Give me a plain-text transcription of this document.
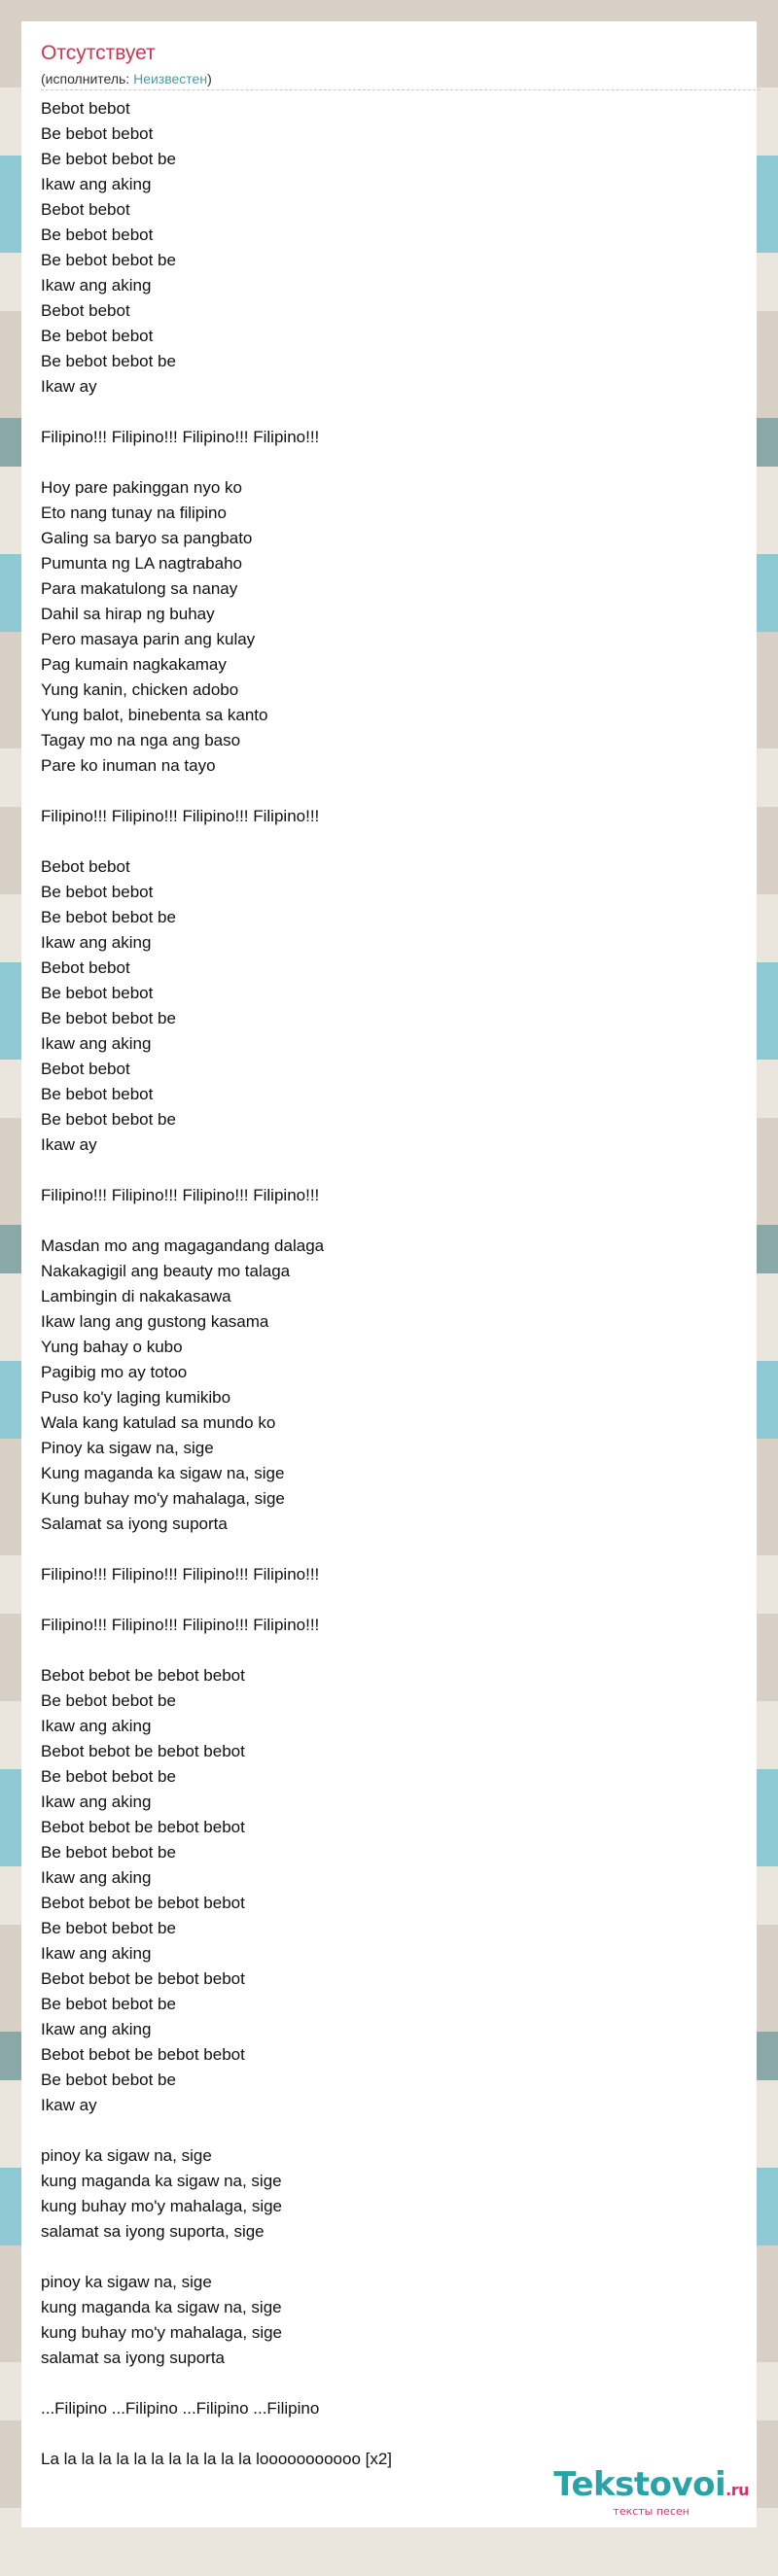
Отсутствует
(исполнитель: Неизвестен)
Bebot bebot
Be bebot bebot
Be bebot bebot be
Ikaw ang aking
Bebot bebot
Be bebot bebot
Be bebot bebot be
Ikaw ang aking
Bebot bebot
Be bebot bebot
Be bebot bebot be
Ikaw ay
Filipino!!! Filipino!!! Filipino!!! Filipino!!!
Hoy pare pakinggan nyo ko
Eto nang tunay na filipino
Galing sa baryo sa pangbato
Pumunta ng LA nagtrabaho
Para makatulong sa nanay
Dahil sa hirap ng buhay
Pero masaya parin ang kulay
Pag kumain nagkakamay
Yung kanin, chicken adobo
Yung balot, binebenta sa kanto
Tagay mo na nga ang baso
Pare ko inuman na tayo
Filipino!!! Filipino!!! Filipino!!! Filipino!!!
Bebot bebot
Be bebot bebot
Be bebot bebot be
Ikaw ang aking
Bebot bebot
Be bebot bebot
Be bebot bebot be
Ikaw ang aking
Bebot bebot
Be bebot bebot
Be bebot bebot be
Ikaw ay
Filipino!!! Filipino!!! Filipino!!! Filipino!!!
Masdan mo ang magagandang dalaga
Nakakagigil ang beauty mo talaga
Lambingin di nakakasawa
Ikaw lang ang gustong kasama
Yung bahay o kubo
Pagibig mo ay totoo
Puso ko'y laging kumikibo
Wala kang katulad sa mundo ko
Pinoy ka sigaw na, sige
Kung maganda ka sigaw na, sige
Kung buhay mo'y mahalaga, sige
Salamat sa iyong suporta
Filipino!!! Filipino!!! Filipino!!! Filipino!!!
Filipino!!! Filipino!!! Filipino!!! Filipino!!!
Bebot bebot be bebot bebot
Be bebot bebot be
Ikaw ang aking
Bebot bebot be bebot bebot
Be bebot bebot be
Ikaw ang aking
Bebot bebot be bebot bebot
Be bebot bebot be
Ikaw ang aking
Bebot bebot be bebot bebot
Be bebot bebot be
Ikaw ang aking
Bebot bebot be bebot bebot
Be bebot bebot be
Ikaw ang aking
Bebot bebot be bebot bebot
Be bebot bebot be
Ikaw ay
pinoy ka sigaw na, sige
kung maganda ka sigaw na, sige
kung buhay mo'y mahalaga, sige
salamat sa iyong suporta, sige
pinoy ka sigaw na, sige
kung maganda ka sigaw na, sige
kung buhay mo'y mahalaga, sige
salamat sa iyong suporta
...Filipino ...Filipino ...Filipino ...Filipino
La la la la la la la la la la la la looooooooooo [x2]
Tekstovoi.ru
тексты песен
